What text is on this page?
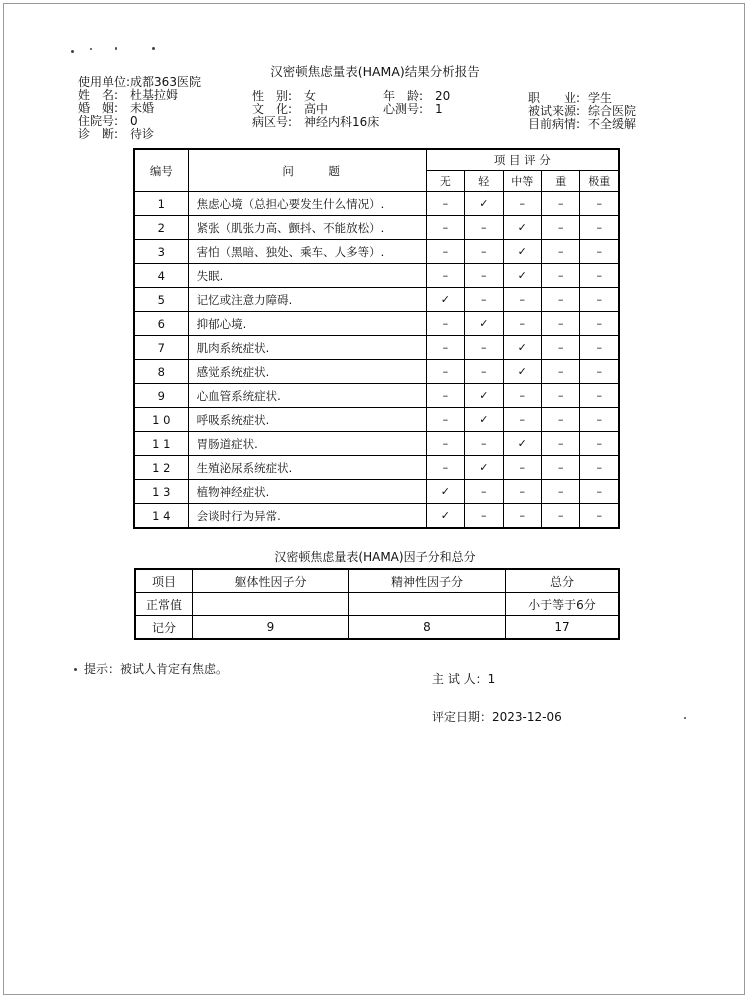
汉密顿焦虑量表(HAMA)结果分析报告
使用单位:成都363医院
姓　名: 杜基拉姆
婚　姻: 未婚
住院号: 0
诊　断: 待诊
性　别: 女
文　化: 高中
病区号: 神经内科16床
年　龄: 20
心测号: 1
职　　业: 学生
被试来源: 综合医院
目前病情: 不全缓解
编号	问　　　题	项 目 评 分				
		无	轻	中等	重	极重
1	焦虑心境（总担心要发生什么情况）.	–	✓	–	–	–
2	紧张（肌张力高、颤抖、不能放松）.	–	–	✓	–	–
3	害怕（黑暗、独处、乘车、人多等）.	–	–	✓	–	–
4	失眠.	–	–	✓	–	–
5	记忆或注意力障碍.	✓	–	–	–	–
6	抑郁心境.	–	✓	–	–	–
7	肌肉系统症状.	–	–	✓	–	–
8	感觉系统症状.	–	–	✓	–	–
9	心血管系统症状.	–	✓	–	–	–
1 0	呼吸系统症状.	–	✓	–	–	–
1 1	胃肠道症状.	–	–	✓	–	–
1 2	生殖泌尿系统症状.	–	✓	–	–	–
1 3	植物神经症状.	✓	–	–	–	–
1 4	会谈时行为异常.	✓	–	–	–	–
汉密顿焦虑量表(HAMA)因子分和总分
项目	躯体性因子分	精神性因子分	总分
正常值			小于等于6分
记分	9	8	17
提示：被试人肯定有焦虑。
主 试 人：1
评定日期：2023-12-06
